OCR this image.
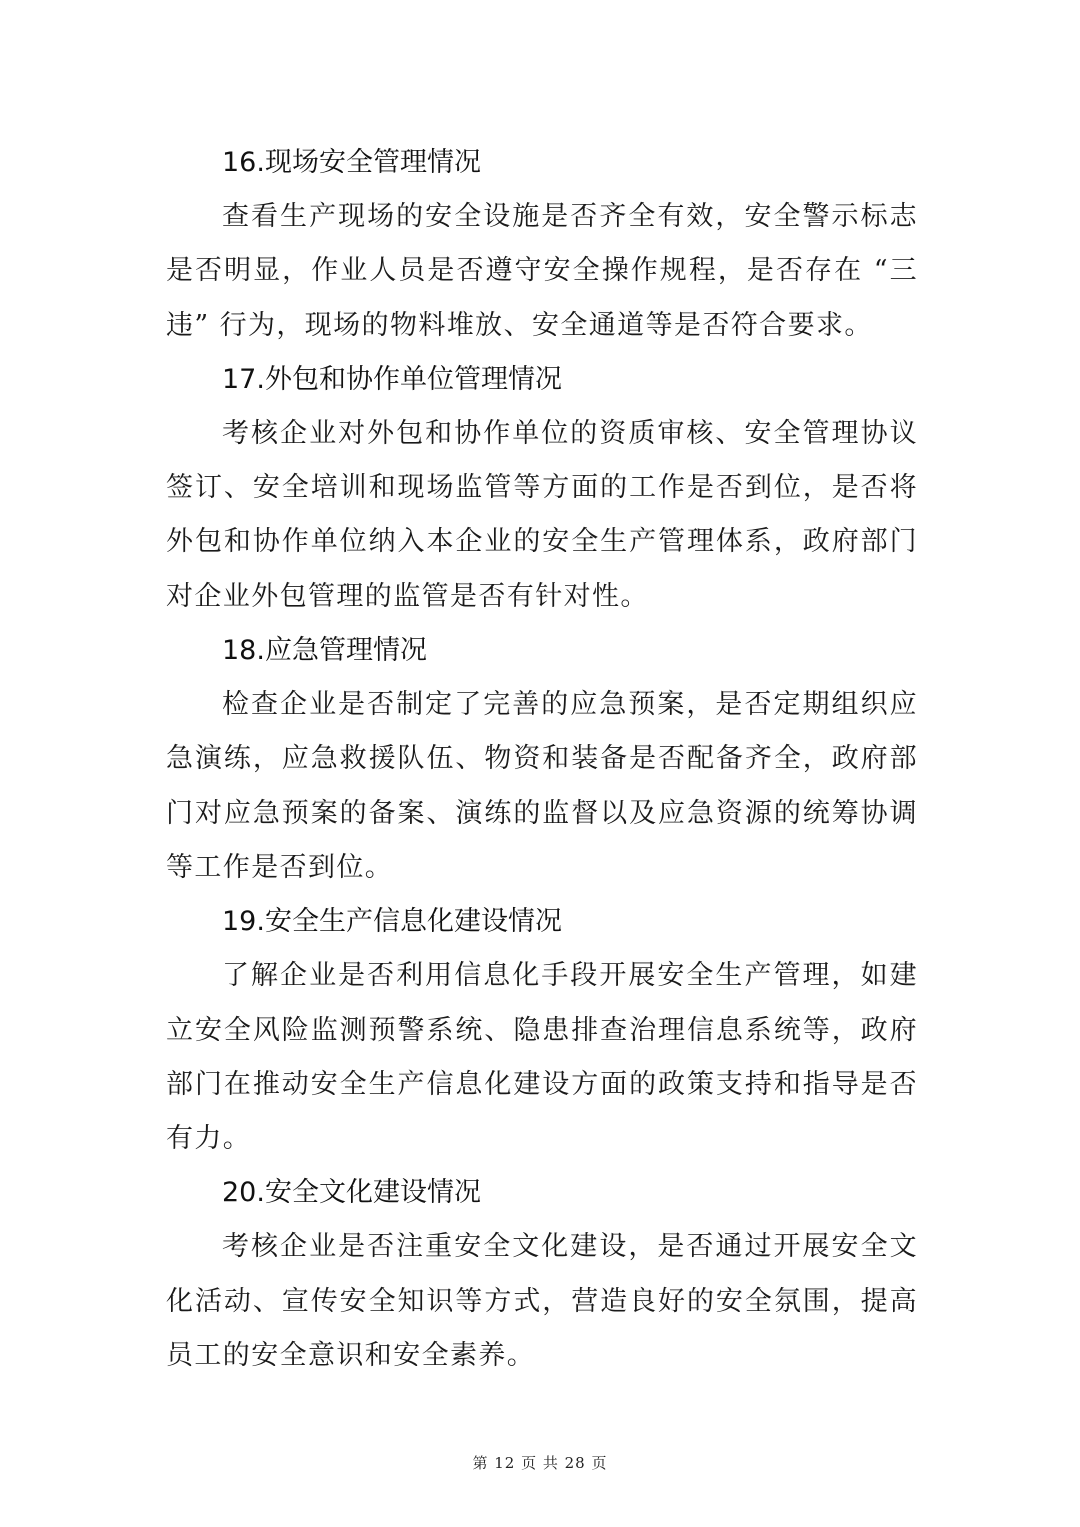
16.现场安全管理情况

查看生产现场的安全设施是否齐全有效，安全警示标志是否明显，作业人员是否遵守安全操作规程，是否存在 “三违” 行为，现场的物料堆放、安全通道等是否符合要求。

17.外包和协作单位管理情况

考核企业对外包和协作单位的资质审核、安全管理协议签订、安全培训和现场监管等方面的工作是否到位，是否将外包和协作单位纳入本企业的安全生产管理体系，政府部门对企业外包管理的监管是否有针对性。

18.应急管理情况

检查企业是否制定了完善的应急预案，是否定期组织应急演练，应急救援队伍、物资和装备是否配备齐全，政府部门对应急预案的备案、演练的监督以及应急资源的统筹协调等工作是否到位。

19.安全生产信息化建设情况

了解企业是否利用信息化手段开展安全生产管理，如建立安全风险监测预警系统、隐患排查治理信息系统等，政府部门在推动安全生产信息化建设方面的政策支持和指导是否有力。

20.安全文化建设情况

考核企业是否注重安全文化建设，是否通过开展安全文化活动、宣传安全知识等方式，营造良好的安全氛围，提高员工的安全意识和安全素养。

第 12 页 共 28 页
